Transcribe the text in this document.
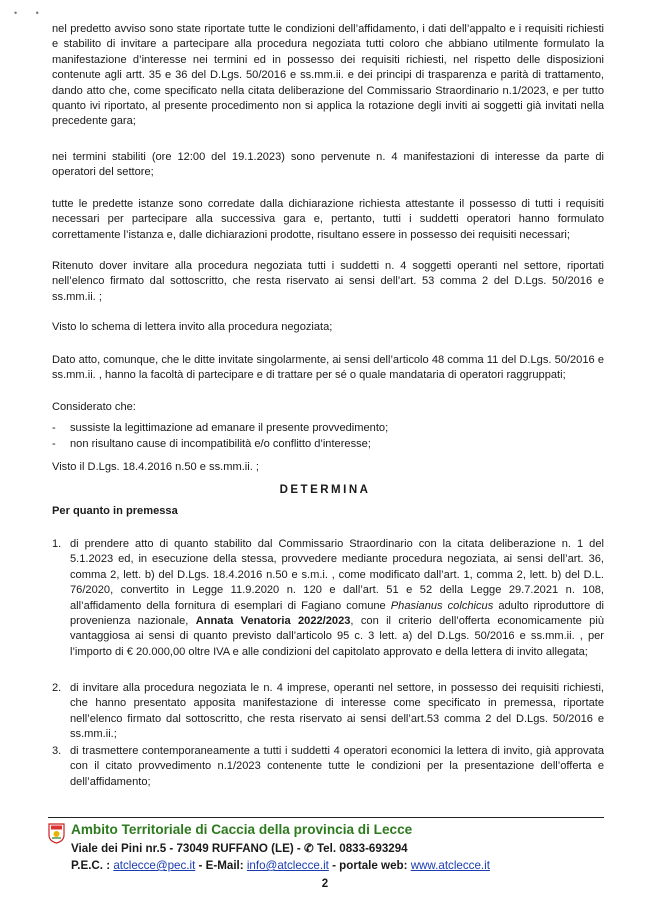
• •

nel predetto avviso sono state riportate tutte le condizioni dell’affidamento, i dati dell’appalto e i requisiti richiesti e stabilito di invitare a partecipare alla procedura negoziata tutti coloro che abbiano utilmente formulato la manifestazione d’interesse nei termini ed in possesso dei requisiti richiesti, nel rispetto delle disposizioni contenute agli artt. 35 e 36 del D.Lgs. 50/2016 e ss.mm.ii. e dei principi di trasparenza e parità di trattamento, dando atto che, come specificato nella citata deliberazione del Commissario Straordinario n.1/2023, e per tutto quanto ivi riportato, al presente procedimento non si applica la rotazione degli inviti ai soggetti già invitati nella precedente gara;

nei termini stabiliti (ore 12:00 del 19.1.2023) sono pervenute n. 4 manifestazioni di interesse da parte di operatori del settore;

tutte le predette istanze sono corredate dalla dichiarazione richiesta attestante il possesso di tutti i requisiti necessari per partecipare alla successiva gara e, pertanto, tutti i suddetti operatori hanno formulato correttamente l’istanza e, dalle dichiarazioni prodotte, risultano essere in possesso dei requisiti necessari;

Ritenuto dover invitare alla procedura negoziata tutti i suddetti n. 4 soggetti operanti nel settore, riportati nell’elenco firmato dal sottoscritto, che resta riservato ai sensi dell’art. 53 comma 2 del D.Lgs. 50/2016 e ss.mm.ii. ;

Visto lo schema di lettera invito alla procedura negoziata;

Dato atto, comunque, che le ditte invitate singolarmente, ai sensi dell’articolo 48 comma 11 del D.Lgs. 50/2016 e ss.mm.ii. , hanno la facoltà di partecipare e di trattare per sé o quale mandataria di operatori raggruppati;

Considerato che:

- sussiste la legittimazione ad emanare il presente provvedimento;
- non risultano cause di incompatibilità e/o conflitto d’interesse;

Visto il D.Lgs. 18.4.2016 n.50 e ss.mm.ii. ;

DETERMINA
Per quanto in premessa
1. di prendere atto di quanto stabilito dal Commissario Straordinario con la citata deliberazione n. 1 del 5.1.2023 ed, in esecuzione della stessa, provvedere mediante procedura negoziata, ai sensi dell’art. 36, comma 2, lett. b) del D.Lgs. 18.4.2016 n.50 e s.m.i. , come modificato dall’art. 1, comma 2, lett. b) del D.L. 76/2020, convertito in Legge 11.9.2020 n. 120 e dall’art. 51 e 52 della Legge 29.7.2021 n. 108, all’affidamento della fornitura di esemplari di Fagiano comune Phasianus colchicus adulto riproduttore di provenienza nazionale, Annata Venatoria 2022/2023, con il criterio dell’offerta economicamente più vantaggiosa ai sensi di quanto previsto dall’articolo 95 c. 3 lett. a) del D.Lgs. 50/2016 e ss.mm.ii. , per l’importo di € 20.000,00 oltre IVA e alle condizioni del capitolato approvato e della lettera di invito allegata;
2. di invitare alla procedura negoziata le n. 4 imprese, operanti nel settore, in possesso dei requisiti richiesti, che hanno presentato apposita manifestazione di interesse come specificato in premessa, riportate nell’elenco firmato dal sottoscritto, che resta riservato ai sensi dell’art.53 comma 2 del D.Lgs. 50/2016 e ss.mm.ii.;
3. di trasmettere contemporaneamente a tutti i suddetti 4 operatori economici la lettera di invito, già approvata con il citato provvedimento n.1/2023 contenente tutte le condizioni per la presentazione dell’offerta e dell’affidamento;
Ambito Territoriale di Caccia della provincia di Lecce
Viale dei Pini nr.5 - 73049 RUFFANO (LE) - ✆ Tel. 0833-693294
P.E.C. : atclecce@pec.it - E-Mail: info@atclecce.it - portale web: www.atclecce.it
2
